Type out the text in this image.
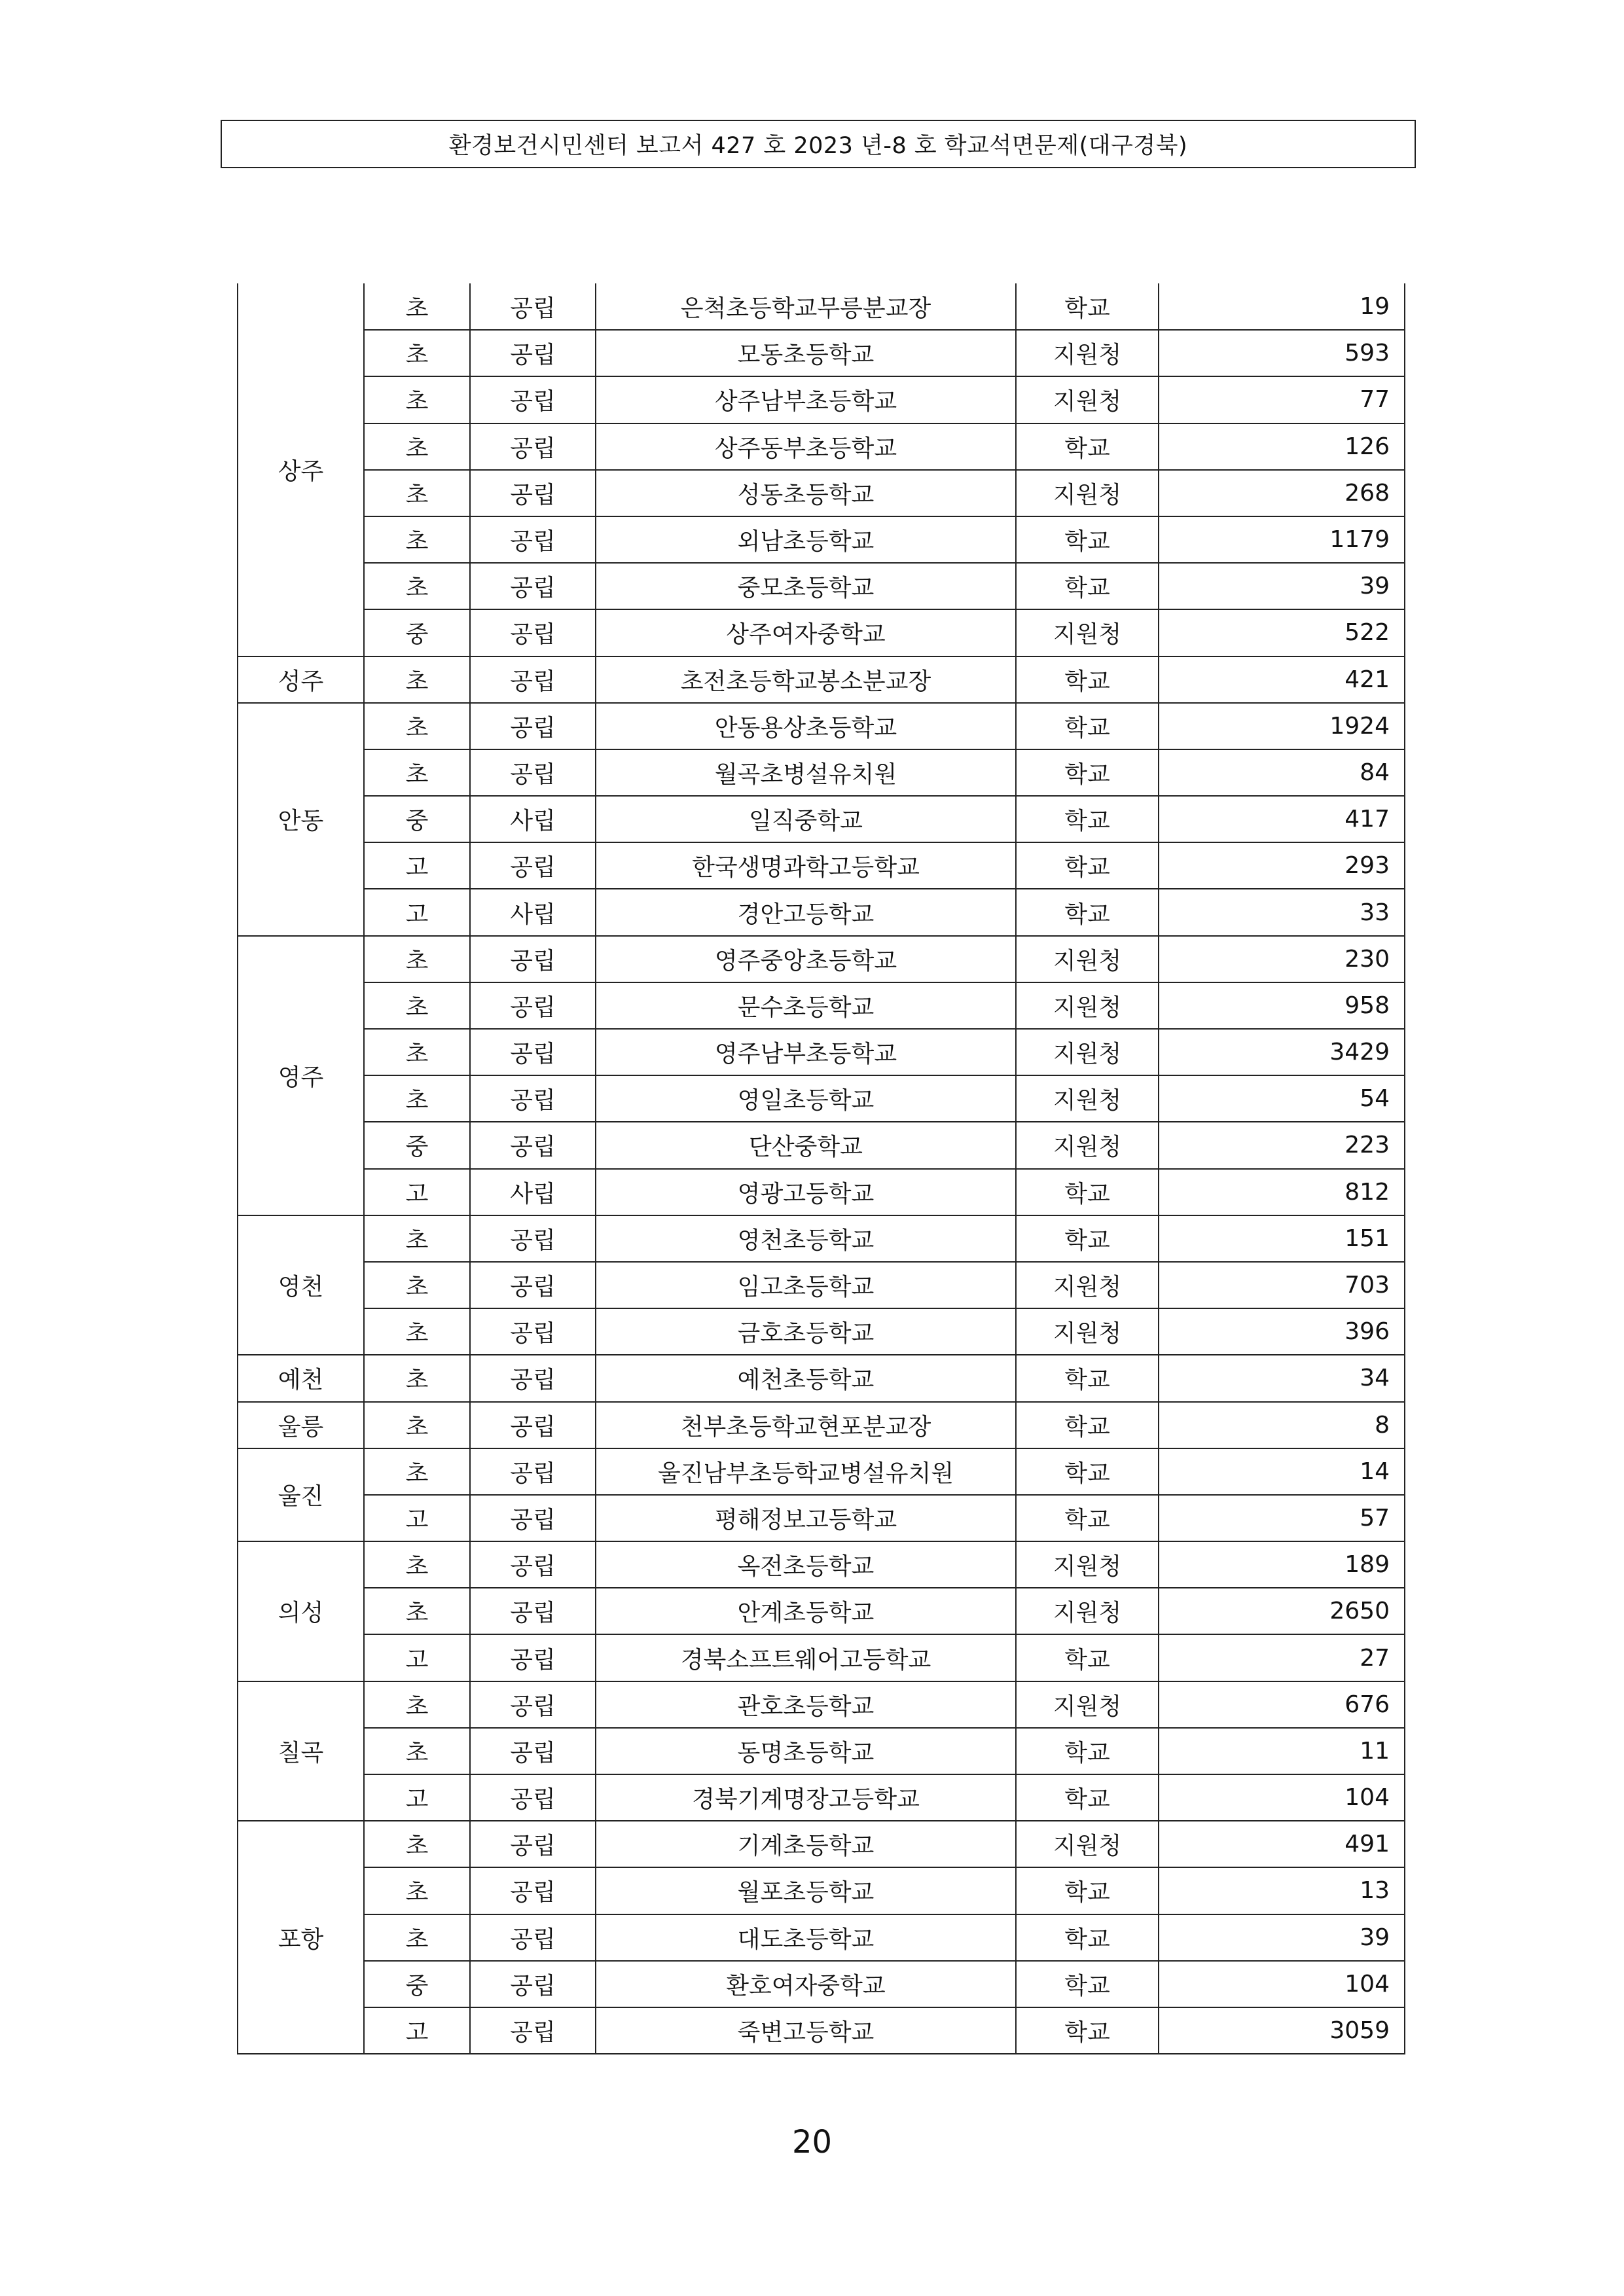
환경보건시민센터 보고서 427 호 2023 년-8 호 학교석면문제(대구경북)
상주	초	공립	은척초등학교무릉분교장	학교	19
	초	공립	모동초등학교	지원청	593
	초	공립	상주남부초등학교	지원청	77
	초	공립	상주동부초등학교	학교	126
	초	공립	성동초등학교	지원청	268
	초	공립	외남초등학교	학교	1179
	초	공립	중모초등학교	학교	39
	중	공립	상주여자중학교	지원청	522
성주	초	공립	초전초등학교봉소분교장	학교	421
안동	초	공립	안동용상초등학교	학교	1924
	초	공립	월곡초병설유치원	학교	84
	중	사립	일직중학교	학교	417
	고	공립	한국생명과학고등학교	학교	293
	고	사립	경안고등학교	학교	33
영주	초	공립	영주중앙초등학교	지원청	230
	초	공립	문수초등학교	지원청	958
	초	공립	영주남부초등학교	지원청	3429
	초	공립	영일초등학교	지원청	54
	중	공립	단산중학교	지원청	223
	고	사립	영광고등학교	학교	812
영천	초	공립	영천초등학교	학교	151
	초	공립	임고초등학교	지원청	703
	초	공립	금호초등학교	지원청	396
예천	초	공립	예천초등학교	학교	34
울릉	초	공립	천부초등학교현포분교장	학교	8
울진	초	공립	울진남부초등학교병설유치원	학교	14
	고	공립	평해정보고등학교	학교	57
의성	초	공립	옥전초등학교	지원청	189
	초	공립	안계초등학교	지원청	2650
	고	공립	경북소프트웨어고등학교	학교	27
칠곡	초	공립	관호초등학교	지원청	676
	초	공립	동명초등학교	학교	11
	고	공립	경북기계명장고등학교	학교	104
포항	초	공립	기계초등학교	지원청	491
	초	공립	월포초등학교	학교	13
	초	공립	대도초등학교	학교	39
	중	공립	환호여자중학교	학교	104
	고	공립	죽변고등학교	학교	3059
20
